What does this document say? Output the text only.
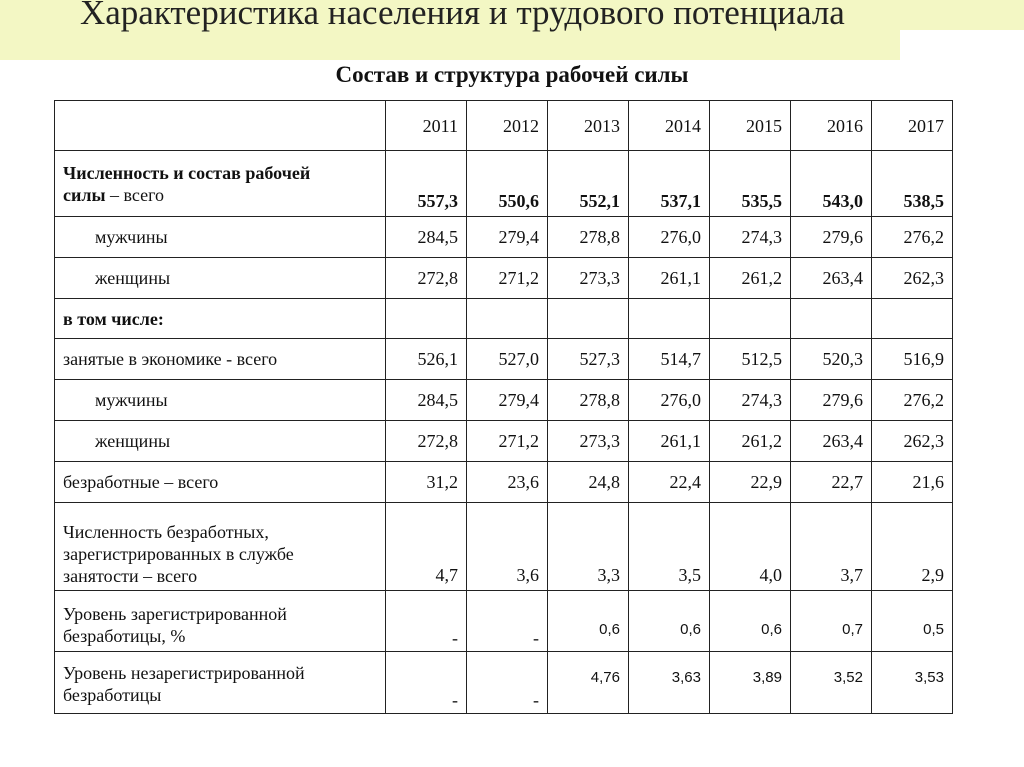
Характеристика населения и трудового потенциала
Состав и структура рабочей силы
	2011	2012	2013	2014	2015	2016	2017
Численность и состав рабочей
силы – всего	557,3	550,6	552,1	537,1	535,5	543,0	538,5
мужчины	284,5	279,4	278,8	276,0	274,3	279,6	276,2
женщины	272,8	271,2	273,3	261,1	261,2	263,4	262,3
в том числе:							
занятые в экономике - всего	526,1	527,0	527,3	514,7	512,5	520,3	516,9
мужчины	284,5	279,4	278,8	276,0	274,3	279,6	276,2
женщины	272,8	271,2	273,3	261,1	261,2	263,4	262,3
безработные – всего	31,2	23,6	24,8	22,4	22,9	22,7	21,6
Численность безработных,
зарегистрированных в службе
занятости – всего	4,7	3,6	3,3	3,5	4,0	3,7	2,9
Уровень зарегистрированной
безработицы, %	-	-	0,6	0,6	0,6	0,7	0,5
Уровень незарегистрированной
безработицы	-	-	4,76	3,63	3,89	3,52	3,53
